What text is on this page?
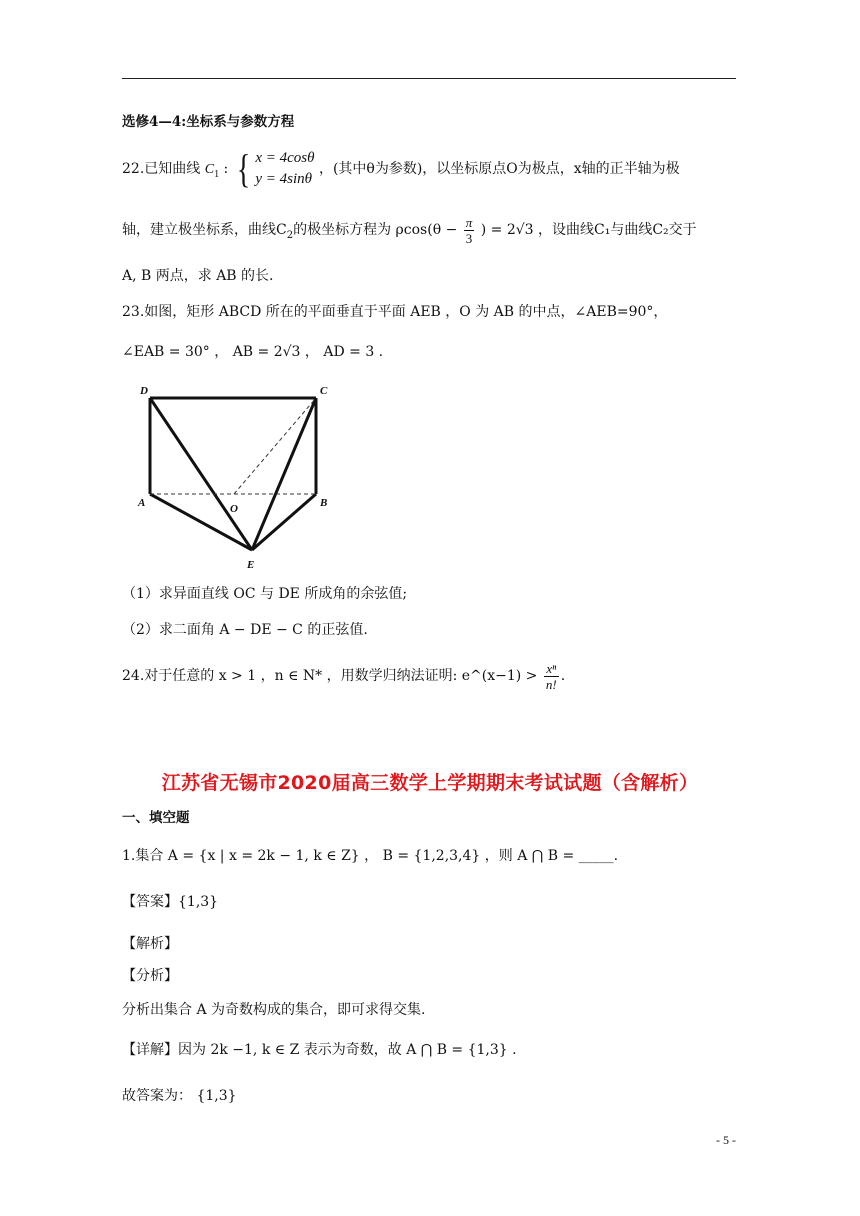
选修4—4:坐标系与参数方程
22.已知曲线 $C_1$ : { x = 4cosθ
y = 4sinθ
，(其中θ为参数)，以坐标原点O为极点，x轴的正半轴为极
轴，建立极坐标系，曲线$C_2$的极坐标方程为 $\rho\cos(\theta - \frac{\pi}{3}$ ) = 2√3 ，设曲线C₁与曲线C₂交于
A, B 两点，求 AB 的长.
23.如图，矩形 ABCD 所在的平面垂直于平面 AEB ，O 为 AB 的中点，∠AEB=90°，
∠EAB = 30° ， AB = 2√3 ， AD = 3 .
D	C
A	O	B
E
（1）求异面直线 OC 与 DE 所成角的余弦值;
（2）求二面角 A − DE − C 的正弦值.
24.对于任意的 x > 1 ，n ∈ N* ，用数学归纳法证明: e^(x−1) > $\frac{\text{xⁿ}}{n!}$ .
江苏省无锡市2020届高三数学上学期期末考试试题（含解析）
一、填空题
1.集合 A = {x | x = 2k − 1, k ∈ Z} ， B = {1,2,3,4} ，则 A ⋂ B = _____.
【答案】{1,3}
【解析】
【分析】
分析出集合 A 为奇数构成的集合，即可求得交集.
【详解】因为 2k −1, k ∈ Z 表示为奇数，故 A ⋂ B = {1,3} .
故答案为： {1,3}
- 5 -
